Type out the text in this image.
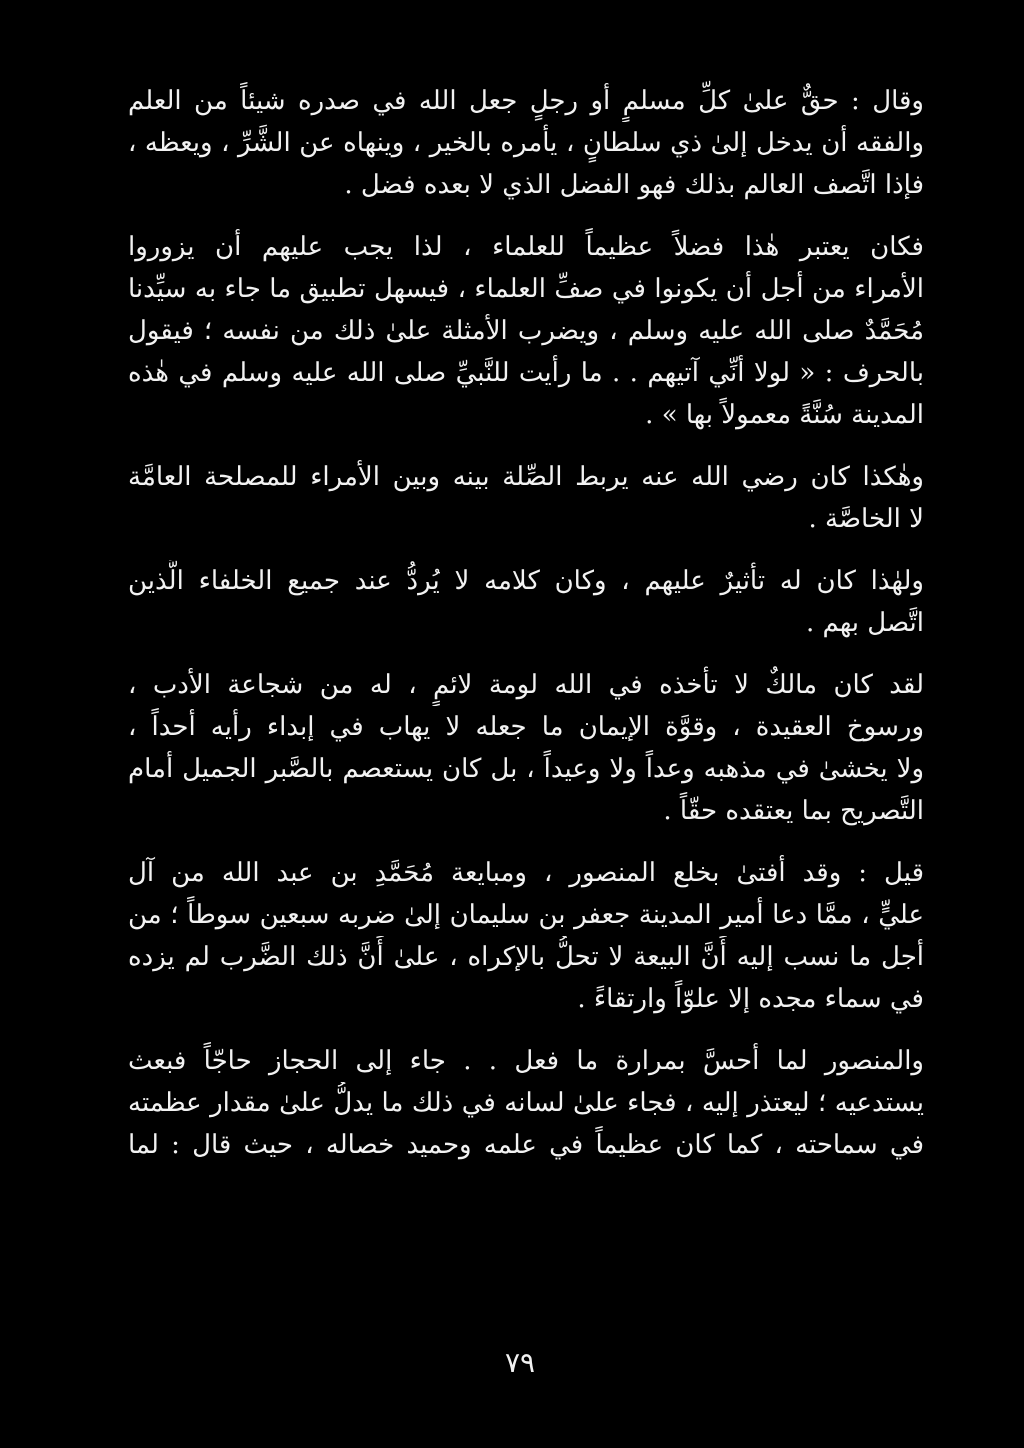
وقال : حقٌّ علىٰ كلِّ مسلمٍ أو رجلٍ جعل الله في صدره شيئاً من العلم
والفقه أن يدخل إلىٰ ذي سلطانٍ ، يأمره بالخير ، وينهاه عن الشَّرِّ ، ويعظه ،
فإذا اتَّصف العالم بذلك فهو الفضل الذي لا بعده فضل .
فكان يعتبر هٰذا فضلاً عظيماً للعلماء ، لذا يجب عليهم أن يزوروا
الأمراء من أجل أن يكونوا في صفِّ العلماء ، فيسهل تطبيق ما جاء به سيِّدنا
مُحَمَّدٌ صلى الله عليه وسلم ، ويضرب الأمثلة علىٰ ذلك من نفسه ؛ فيقول
بالحرف : « لولا أنِّي آتيهم . . ما رأيت للنَّبيِّ صلى الله عليه وسلم في هٰذه
المدينة سُنَّةً معمولاً بها » .
وهٰكذا كان رضي الله عنه يربط الصِّلة بينه وبين الأمراء للمصلحة العامَّة
لا الخاصَّة .
ولهٰذا كان له تأثيرٌ عليهم ، وكان كلامه لا يُردُّ عند جميع الخلفاء الَّذين
اتَّصل بهم .
لقد كان مالكٌ لا تأخذه في الله لومة لائمٍ ، له من شجاعة الأدب ،
ورسوخ العقيدة ، وقوَّة الإيمان ما جعله لا يهاب في إبداء رأيه أحداً ،
ولا يخشىٰ في مذهبه وعداً ولا وعيداً ، بل كان يستعصم بالصَّبر الجميل أمام
التَّصريح بما يعتقده حقّاً .
قيل : وقد أفتىٰ بخلع المنصور ، ومبايعة مُحَمَّدِ بن عبد الله من آل
عليٍّ ، ممَّا دعا أمير المدينة جعفر بن سليمان إلىٰ ضربه سبعين سوطاً ؛ من
أجل ما نسب إليه أَنَّ البيعة لا تحلُّ بالإكراه ، علىٰ أَنَّ ذلك الضَّرب لم يزده
في سماء مجده إلا علوّاً وارتقاءً .
والمنصور لما أحسَّ بمرارة ما فعل . . جاء إلى الحجاز حاجّاً فبعث
يستدعيه ؛ ليعتذر إليه ، فجاء علىٰ لسانه في ذلك ما يدلُّ علىٰ مقدار عظمته
في سماحته ، كما كان عظيماً في علمه وحميد خصاله ، حيث قال : لما
٧٩
